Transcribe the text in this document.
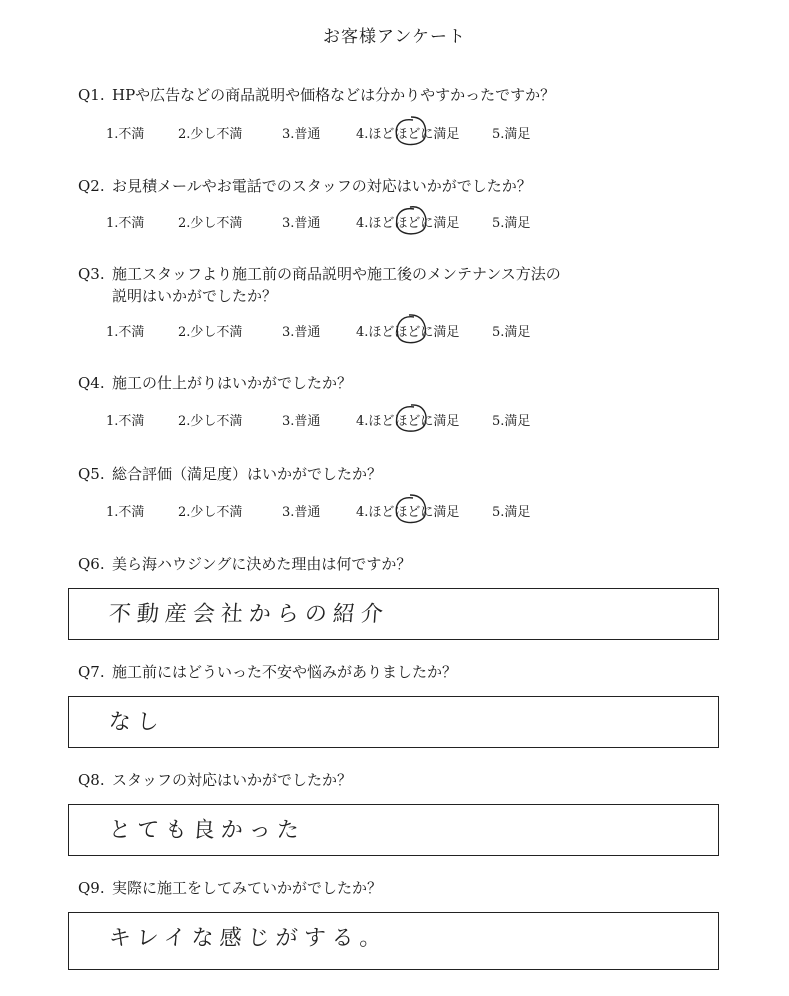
お客様アンケート
Q1. HPや広告などの商品説明や価格などは分かりやすかったですか？
1.不満	2.少し不満	3.普通	4.ほどほどに満足	5.満足
Q2. お見積メールやお電話でのスタッフの対応はいかがでしたか？
1.不満	2.少し不満	3.普通	4.ほどほどに満足	5.満足
Q3. 施工スタッフより施工前の商品説明や施工後のメンテナンス方法の
説明はいかがでしたか？
1.不満	2.少し不満	3.普通	4.ほどほどに満足	5.満足
Q4. 施工の仕上がりはいかがでしたか？
1.不満	2.少し不満	3.普通	4.ほどほどに満足	5.満足
Q5. 総合評価（満足度）はいかがでしたか？
1.不満	2.少し不満	3.普通	4.ほどほどに満足	5.満足
Q6. 美ら海ハウジングに決めた理由は何ですか？
不動産会社からの紹介
Q7. 施工前にはどういった不安や悩みがありましたか？
なし
Q8. スタッフの対応はいかがでしたか？
とても良かった
Q9. 実際に施工をしてみていかがでしたか？
キレイな感じがする。
